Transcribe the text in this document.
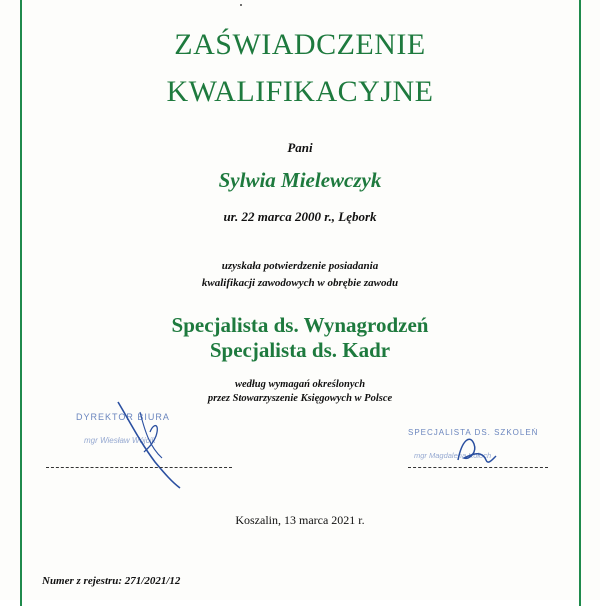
ZAŚWIADCZENIE
KWALIFIKACYJNE
Pani
Sylwia Mielewczyk
ur. 22 marca 2000 r., Lębork
uzyskała potwierdzenie posiadania
kwalifikacji zawodowych w obrębie zawodu
Specjalista ds. Wynagrodzeń
Specjalista ds. Kadr
według wymagań określonych
przez Stowarzyszenie Księgowych w Polsce
DYREKTOR BIURA
mgr Wiesław Wójcik
SPECJALISTA DS. SZKOLEŃ
mgr Magdalena Kołoch
Koszalin, 13 marca 2021 r.
Numer z rejestru: 271/2021/12
